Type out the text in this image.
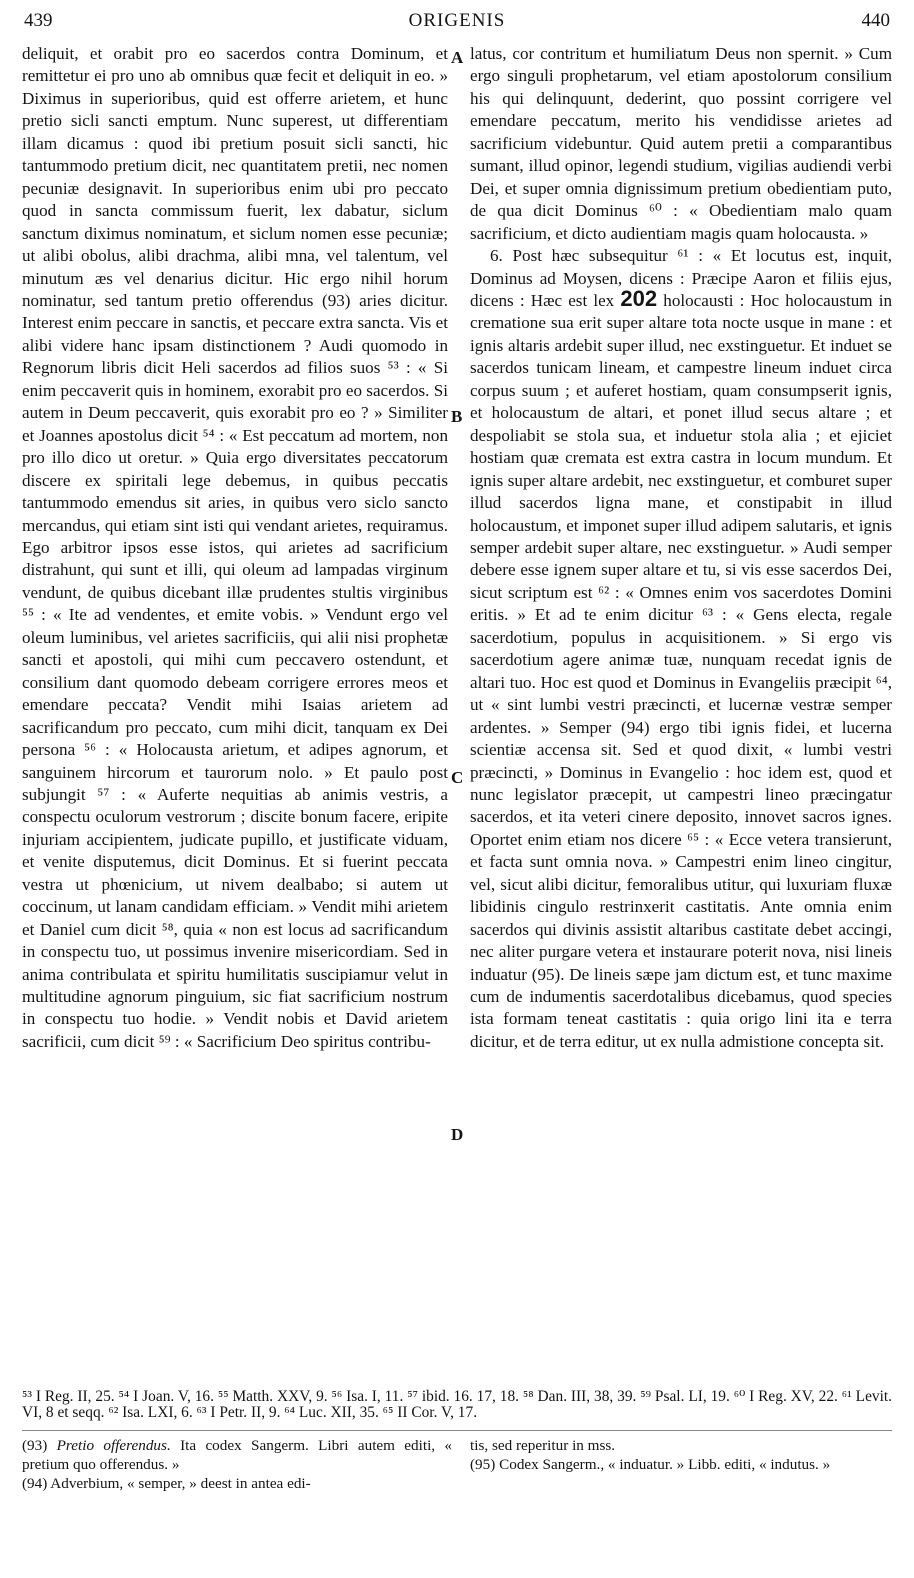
439	ORIGENIS	440

deliquit, et orabit pro eo sacerdos contra Dominum, et remittetur ei pro uno ab omnibus quæ fecit et deliquit in eo. » Diximus in superioribus, quid est offerre arietem, et hunc pretio sicli sancti emptum. Nunc superest, ut differentiam illam dicamus : quod ibi pretium posuit sicli sancti, hic tantummodo pretium dicit, nec quantitatem pretii, nec nomen pecuniæ designavit. In superioribus enim ubi pro peccato quod in sancta commissum fuerit, lex dabatur, siclum sanctum diximus nominatum, et siclum nomen esse pecuniæ; ut alibi obolus, alibi drachma, alibi mna, vel talentum, vel minutum æs vel denarius dicitur. Hic ergo nihil horum nominatur, sed tantum pretio offerendus (93) aries dicitur. Interest enim peccare in sanctis, et peccare extra sancta. Vis et alibi videre hanc ipsam distinctionem ? Audi quomodo in Regnorum libris dicit Heli sacerdos ad filios suos ⁵³ : « Si enim peccaverit quis in hominem, exorabit pro eo sacerdos. Si autem in Deum peccaverit, quis exorabit pro eo ? » Similiter et Joannes apostolus dicit ⁵⁴ : « Est peccatum ad mortem, non pro illo dico ut oretur. » Quia ergo diversitates peccatorum discere ex spiritali lege debemus, in quibus peccatis tantummodo emendus sit aries, in quibus vero siclo sancto mercandus, qui etiam sint isti qui vendant arietes, requiramus. Ego arbitror ipsos esse istos, qui arietes ad sacrificium distrahunt, qui sunt et illi, qui oleum ad lampadas virginum vendunt, de quibus dicebant illæ prudentes stultis virginibus ⁵⁵ : « Ite ad vendentes, et emite vobis. » Vendunt ergo vel oleum luminibus, vel arietes sacrificiis, qui alii nisi prophetæ sancti et apostoli, qui mihi cum peccavero ostendunt, et consilium dant quomodo debeam corrigere errores meos et emendare peccata? Vendit mihi Isaias arietem ad sacrificandum pro peccato, cum mihi dicit, tanquam ex Dei persona ⁵⁶ : « Holocausta arietum, et adipes agnorum, et sanguinem hircorum et taurorum nolo. » Et paulo post subjungit ⁵⁷ : « Auferte nequitias ab animis vestris, a conspectu oculorum vestrorum ; discite bonum facere, eripite injuriam accipientem, judicate pupillo, et justificate viduam, et venite disputemus, dicit Dominus. Et si fuerint peccata vestra ut phœnicium, ut nivem dealbabo; si autem ut coccinum, ut lanam candidam efficiam. » Vendit mihi arietem et Daniel cum dicit ⁵⁸, quia « non est locus ad sacrificandum in conspectu tuo, ut possimus invenire misericordiam. Sed in anima contribulata et spiritu humilitatis suscipiamur velut in multitudine agnorum pinguium, sic fiat sacrificium nostrum in conspectu tuo hodie. » Vendit nobis et David arietem sacrificii, cum dicit ⁵⁹ : « Sacrificium Deo spiritus contribu-

latus, cor contritum et humiliatum Deus non spernit. » Cum ergo singuli prophetarum, vel etiam apostolorum consilium his qui delinquunt, dederint, quo possint corrigere vel emendare peccatum, merito his vendidisse arietes ad sacrificium videbuntur. Quid autem pretii a comparantibus sumant, illud opinor, legendi studium, vigilias audiendi verbi Dei, et super omnia dignissimum pretium obedientiam puto, de qua dicit Dominus ⁶⁰ : « Obedientiam malo quam sacrificium, et dicto audientiam magis quam holocausta. »

6. Post hæc subsequitur ⁶¹ : « Et locutus est, inquit, Dominus ad Moysen, dicens : Præcipe Aaron et filiis ejus, dicens : Hæc est lex 202 holocausti : Hoc holocaustum in crematione sua erit super altare tota nocte usque in mane : et ignis altaris ardebit super illud, nec exstinguetur. Et induet se sacerdos tunicam lineam, et campestre lineum induet circa corpus suum ; et auferet hostiam, quam consumpserit ignis, et holocaustum de altari, et ponet illud secus altare ; et despoliabit se stola sua, et induetur stola alia ; et ejiciet hostiam quæ cremata est extra castra in locum mundum. Et ignis super altare ardebit, nec exstinguetur, et comburet super illud sacerdos ligna mane, et constipabit in illud holocaustum, et imponet super illud adipem salutaris, et ignis semper ardebit super altare, nec exstinguetur. » Audi semper debere esse ignem super altare et tu, si vis esse sacerdos Dei, sicut scriptum est ⁶² : « Omnes enim vos sacerdotes Domini eritis. » Et ad te enim dicitur ⁶³ : « Gens electa, regale sacerdotium, populus in acquisitionem. » Si ergo vis sacerdotium agere animæ tuæ, nunquam recedat ignis de altari tuo. Hoc est quod et Dominus in Evangeliis præcipit ⁶⁴, ut « sint lumbi vestri præcincti, et lucernæ vestræ semper ardentes. » Semper (94) ergo tibi ignis fidei, et lucerna scientiæ accensa sit. Sed et quod dixit, « lumbi vestri præcincti, » Dominus in Evangelio : hoc idem est, quod et nunc legislator præcepit, ut campestri lineo præcingatur sacerdos, et ita veteri cinere deposito, innovet sacros ignes. Oportet enim etiam nos dicere ⁶⁵ : « Ecce vetera transierunt, et facta sunt omnia nova. » Campestri enim lineo cingitur, vel, sicut alibi dicitur, femoralibus utitur, qui luxuriam fluxæ libidinis cingulo restrinxerit castitatis. Ante omnia enim sacerdos qui divinis assistit altaribus castitate debet accingi, nec aliter purgare vetera et instaurare poterit nova, nisi lineis induatur (95). De lineis sæpe jam dictum est, et tunc maxime cum de indumentis sacerdotalibus dicebamus, quod species ista formam teneat castitatis : quia origo lini ita e terra dicitur, et de terra editur, ut ex nulla admistione concepta sit.

A
B
C
D

⁵³ I Reg. II, 25. ⁵⁴ I Joan. V, 16. ⁵⁵ Matth. XXV, 9. ⁵⁶ Isa. I, 11. ⁵⁷ ibid. 16. 17, 18. ⁵⁸ Dan. III, 38, 39. ⁵⁹ Psal. LI, 19. ⁶⁰ I Reg. XV, 22. ⁶¹ Levit. VI, 8 et seqq. ⁶² Isa. LXI, 6. ⁶³ I Petr. II, 9. ⁶⁴ Luc. XII, 35. ⁶⁵ II Cor. V, 17.

(93) Pretio offerendus. Ita codex Sangerm. Libri autem editi, « pretium quo offerendus. »

(94) Adverbium, « semper, » deest in antea edi-

tis, sed reperitur in mss.

(95) Codex Sangerm., « induatur. » Libb. editi, « indutus. »
